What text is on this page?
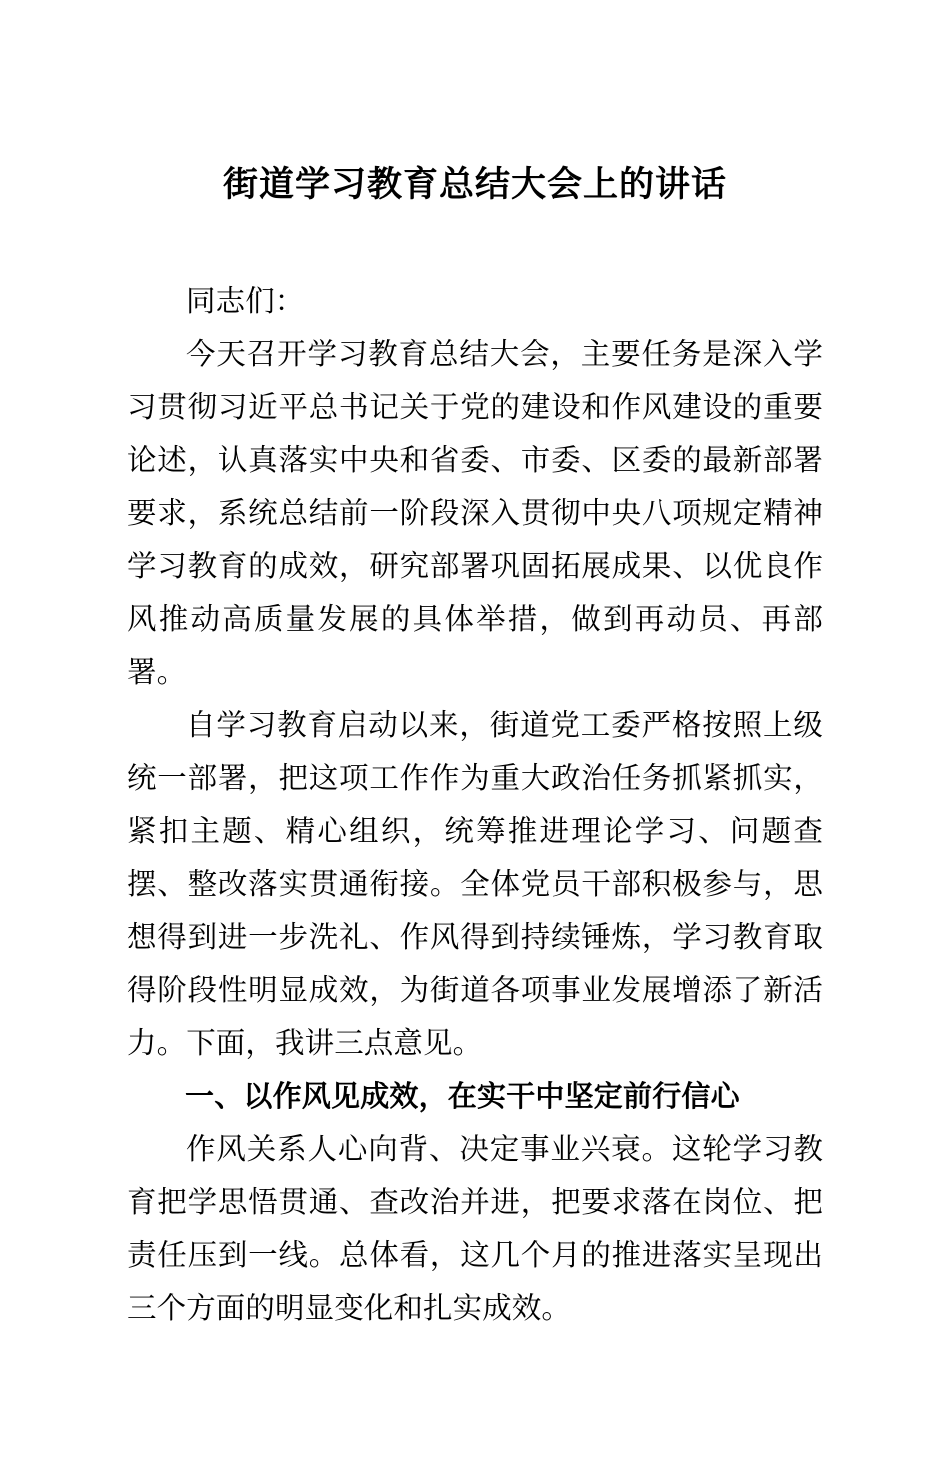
街道学习教育总结大会上的讲话

同志们：

今天召开学习教育总结大会，主要任务是深入学习贯彻习近平总书记关于党的建设和作风建设的重要论述，认真落实中央和省委、市委、区委的最新部署要求，系统总结前一阶段深入贯彻中央八项规定精神学习教育的成效，研究部署巩固拓展成果、以优良作风推动高质量发展的具体举措，做到再动员、再部署。

自学习教育启动以来，街道党工委严格按照上级统一部署，把这项工作作为重大政治任务抓紧抓实，紧扣主题、精心组织，统筹推进理论学习、问题查摆、整改落实贯通衔接。全体党员干部积极参与，思想得到进一步洗礼、作风得到持续锤炼，学习教育取得阶段性明显成效，为街道各项事业发展增添了新活力。下面，我讲三点意见。

一、以作风见成效，在实干中坚定前行信心

作风关系人心向背、决定事业兴衰。这轮学习教育把学思悟贯通、查改治并进，把要求落在岗位、把责任压到一线。总体看，这几个月的推进落实呈现出三个方面的明显变化和扎实成效。
